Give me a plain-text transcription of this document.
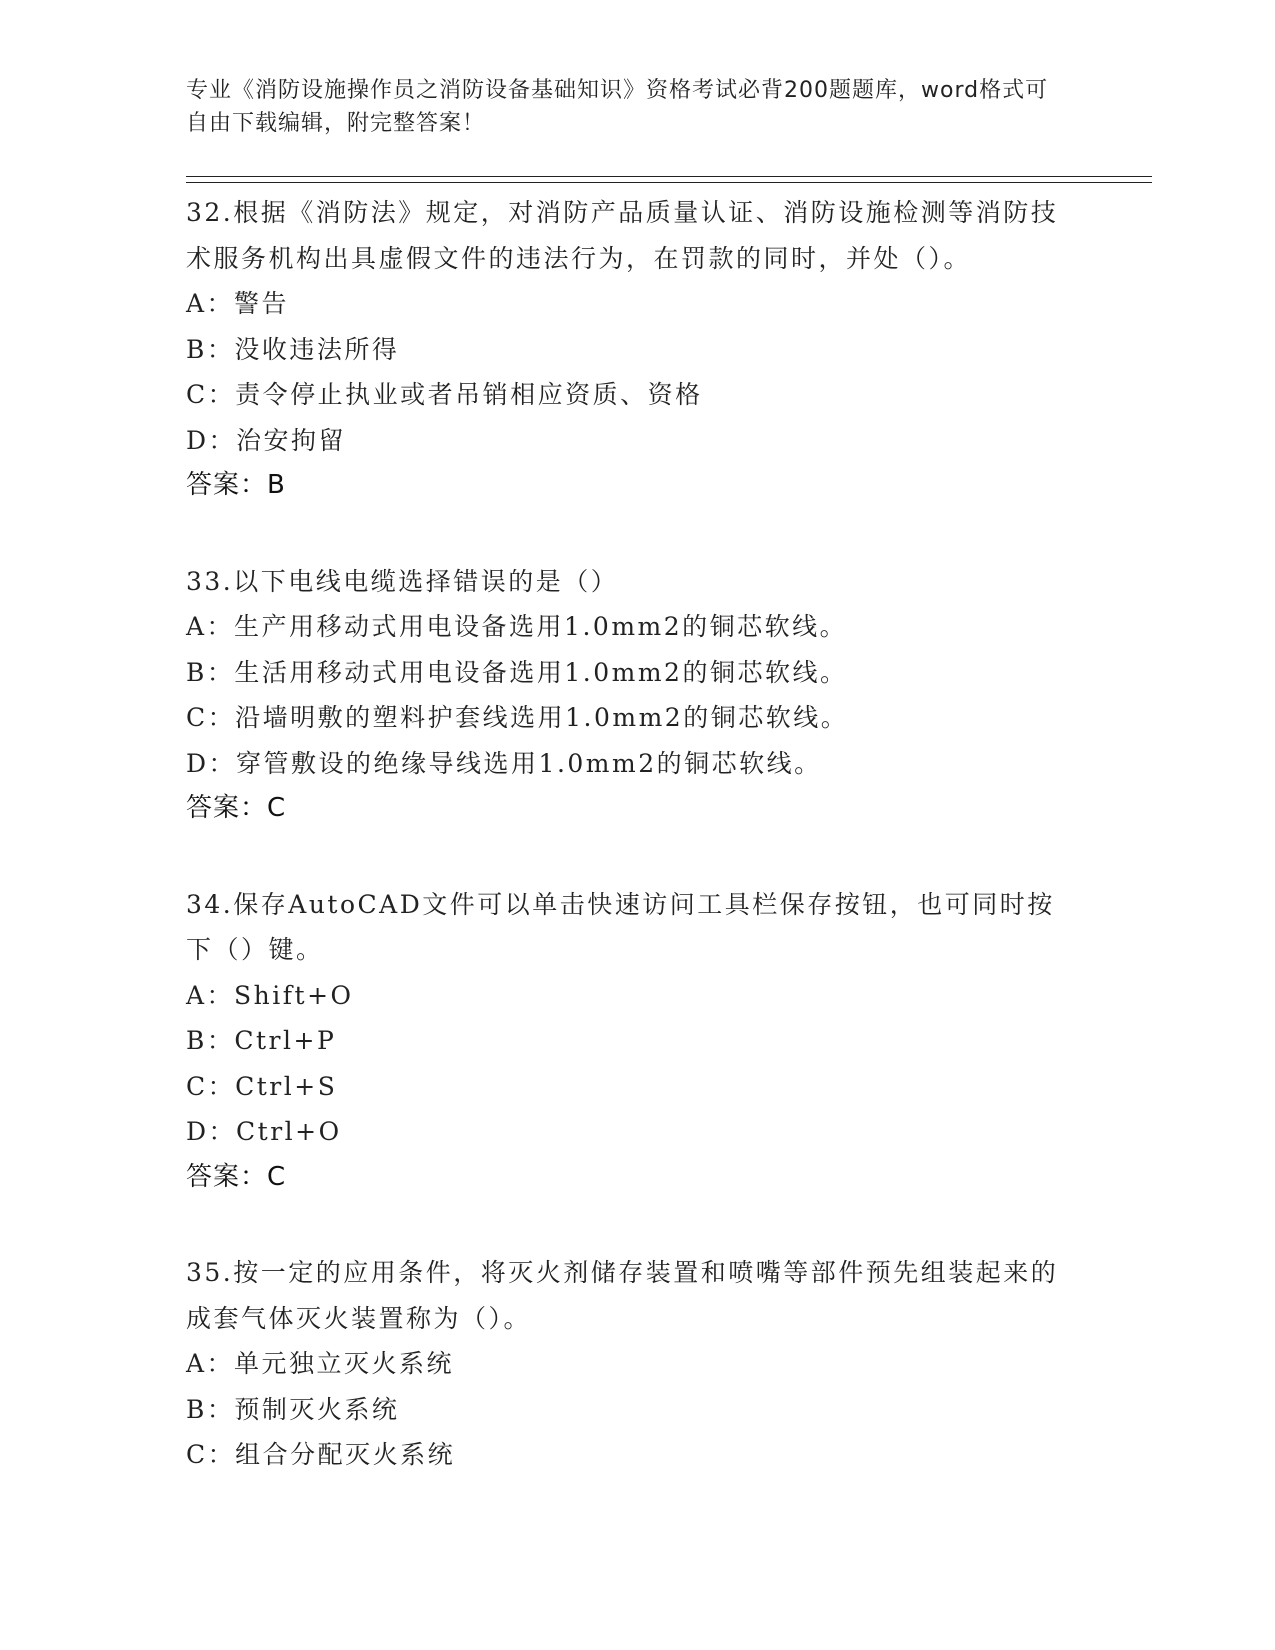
专业《消防设施操作员之消防设备基础知识》资格考试必背200题题库，word格式可自由下载编辑，附完整答案！
32.根据《消防法》规定，对消防产品质量认证、消防设施检测等消防技术服务机构出具虚假文件的违法行为，在罚款的同时，并处（）。
A：警告
B：没收违法所得
C：责令停止执业或者吊销相应资质、资格
D：治安拘留
答案：B
33.以下电线电缆选择错误的是（）
A：生产用移动式用电设备选用1.0mm2的铜芯软线。
B：生活用移动式用电设备选用1.0mm2的铜芯软线。
C：沿墙明敷的塑料护套线选用1.0mm2的铜芯软线。
D：穿管敷设的绝缘导线选用1.0mm2的铜芯软线。
答案：C
34.保存AutoCAD文件可以单击快速访问工具栏保存按钮，也可同时按下（）键。
A：Shift+O
B：Ctrl+P
C：Ctrl+S
D：Ctrl+O
答案：C
35.按一定的应用条件，将灭火剂储存装置和喷嘴等部件预先组装起来的成套气体灭火装置称为（）。
A：单元独立灭火系统
B：预制灭火系统
C：组合分配灭火系统
